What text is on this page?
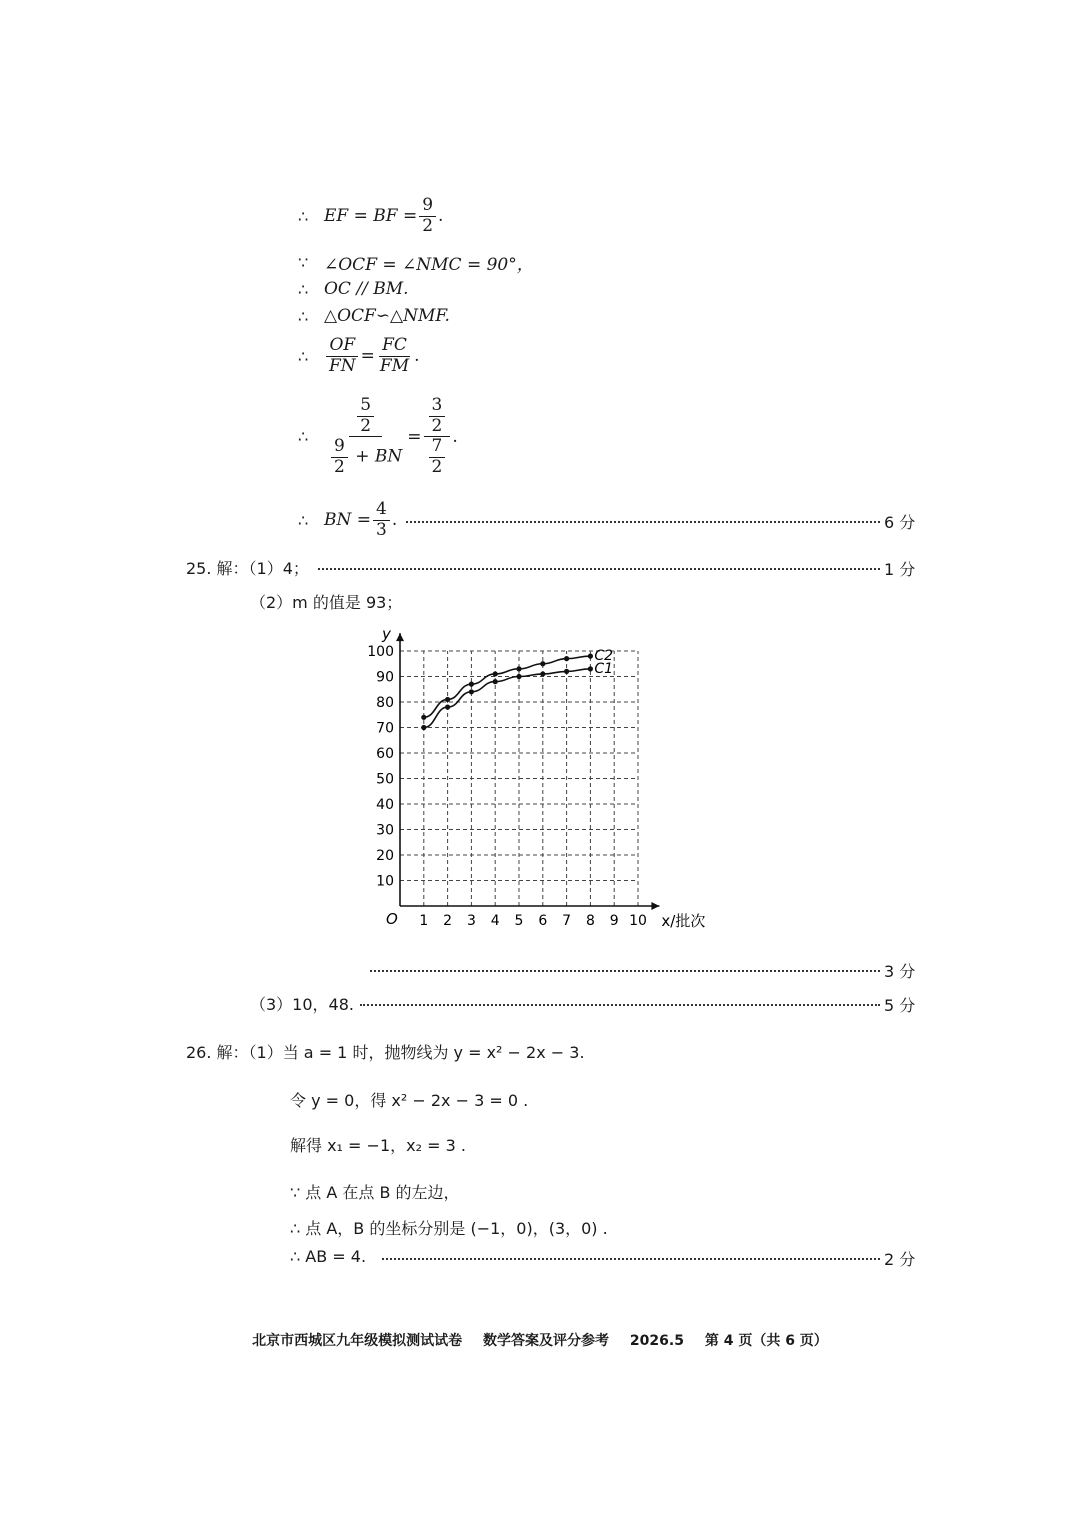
∴ EF = BF = $\frac{9}{2}$ .
∵ ∠OCF = ∠NMC = 90°，
∴ OC // BM.
∴ △OCF∽△NMF.
∴	$\frac{OF}{FN} = \frac{FC}{FM}$ .
∴	$\frac{\frac{5}{2}}{\frac{9}{2} + BN} = \frac{\frac{3}{2}}{\frac{7}{2}}$ .
∴ BN = $\frac{4}{3}$ .	6 分
25. 解：（1）4；	1 分
（2）m 的值是 93；
1 2 3 4 5 6 7 8 9 10
10
20
30
40
50
60
70
80
90
100	C2
C1
y
x/批次
O
3 分
（3）10，48.	5 分
26. 解：（1）当 a = 1 时，抛物线为 y = x² − 2x − 3.
令 y = 0，得 x² − 2x − 3 = 0 .
解得 x₁ = −1，x₂ = 3 .
∵ 点 A 在点 B 的左边，
∴ 点 A，B 的坐标分别是 (−1，0)，(3，0) .
∴ AB = 4.	2 分
北京市西城区九年级模拟测试试卷 数学答案及评分参考 2026.5 第 4 页（共 6 页）
